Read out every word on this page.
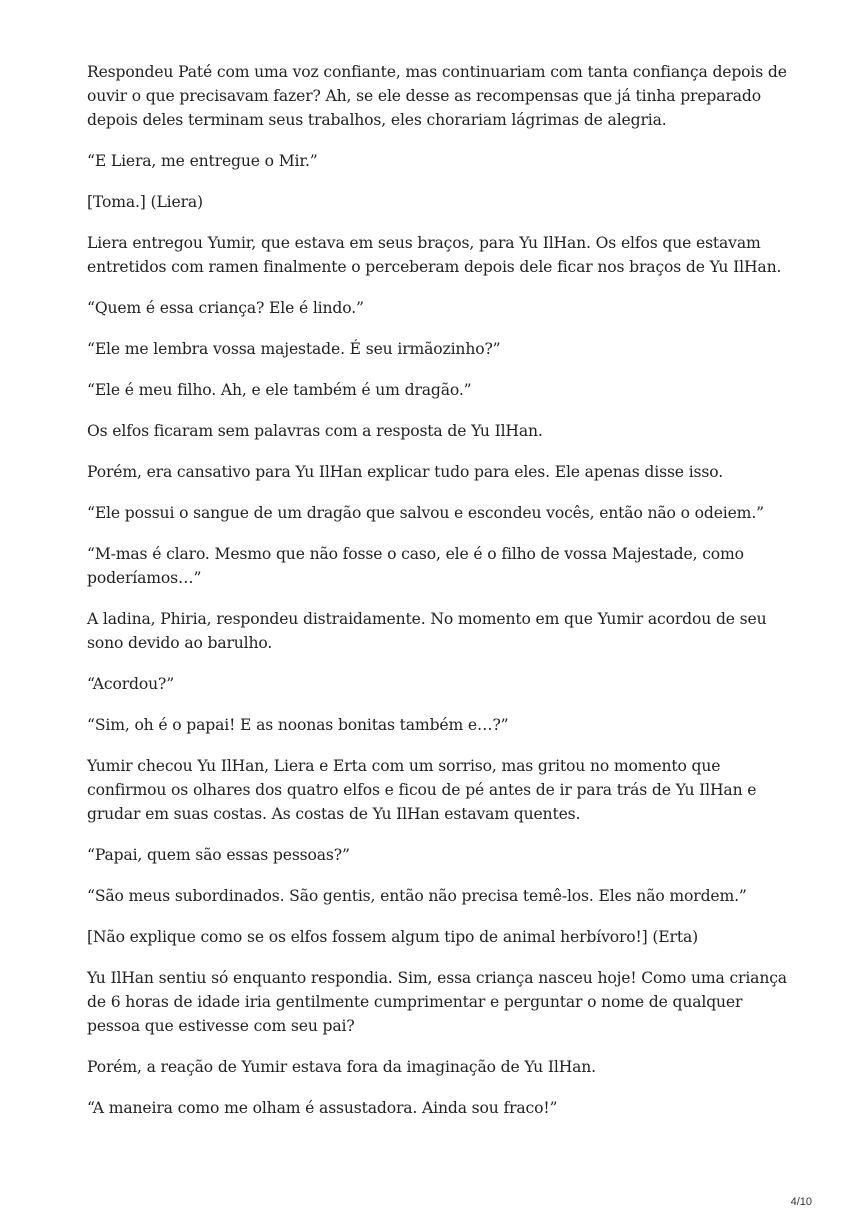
Respondeu Paté com uma voz confiante, mas continuariam com tanta confiança depois de ouvir o que precisavam fazer? Ah, se ele desse as recompensas que já tinha preparado depois deles terminam seus trabalhos, eles chorariam lágrimas de alegria.

“E Liera, me entregue o Mir.”

[Toma.] (Liera)

Liera entregou Yumir, que estava em seus braços, para Yu IlHan. Os elfos que estavam entretidos com ramen finalmente o perceberam depois dele ficar nos braços de Yu IlHan.

“Quem é essa criança? Ele é lindo.”

“Ele me lembra vossa majestade. É seu irmãozinho?”

“Ele é meu filho. Ah, e ele também é um dragão.”

Os elfos ficaram sem palavras com a resposta de Yu IlHan.

Porém, era cansativo para Yu IlHan explicar tudo para eles. Ele apenas disse isso.

“Ele possui o sangue de um dragão que salvou e escondeu vocês, então não o odeiem.”

“M-mas é claro. Mesmo que não fosse o caso, ele é o filho de vossa Majestade, como poderíamos…”

A ladina, Phiria, respondeu distraidamente. No momento em que Yumir acordou de seu sono devido ao barulho.

“Acordou?”

“Sim, oh é o papai! E as noonas bonitas também e…?”

Yumir checou Yu IlHan, Liera e Erta com um sorriso, mas gritou no momento que confirmou os olhares dos quatro elfos e ficou de pé antes de ir para trás de Yu IlHan e grudar em suas costas. As costas de Yu IlHan estavam quentes.

“Papai, quem são essas pessoas?”

“São meus subordinados. São gentis, então não precisa temê-los. Eles não mordem.”

[Não explique como se os elfos fossem algum tipo de animal herbívoro!] (Erta)

Yu IlHan sentiu só enquanto respondia. Sim, essa criança nasceu hoje! Como uma criança de 6 horas de idade iria gentilmente cumprimentar e perguntar o nome de qualquer pessoa que estivesse com seu pai?

Porém, a reação de Yumir estava fora da imaginação de Yu IlHan.

“A maneira como me olham é assustadora. Ainda sou fraco!”

4/10
